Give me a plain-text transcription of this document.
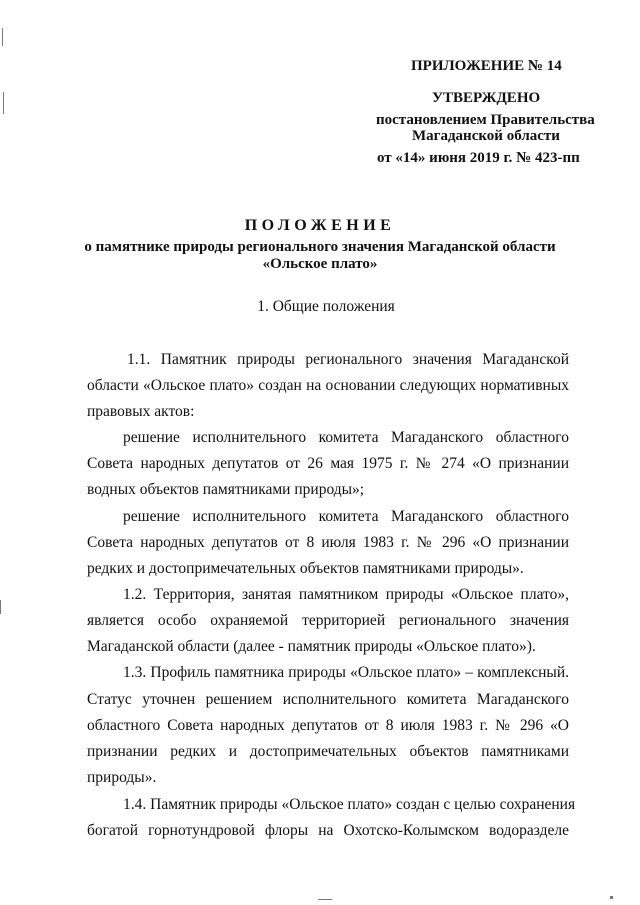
ПРИЛОЖЕНИЕ № 14
УТВЕРЖДЕНО
постановлением Правительства
Магаданской области
от «14» июня 2019 г. № 423-пп
ПОЛОЖЕНИЕ
о памятнике природы регионального значения Магаданской области
«Ольское плато»
1. Общие положения
1.1. Памятник природы регионального значения Магаданской
области «Ольское плато» создан на основании следующих нормативных
правовых актов:
решение исполнительного комитета Магаданского областного
Совета народных депутатов от 26 мая 1975 г. № 274 «О признании
водных объектов памятниками природы»;
решение исполнительного комитета Магаданского областного
Совета народных депутатов от 8 июля 1983 г. № 296 «О признании
редких и достопримечательных объектов памятниками природы».
1.2. Территория, занятая памятником природы «Ольское плато»,
является особо охраняемой территорией регионального значения
Магаданской области (далее - памятник природы «Ольское плато»).
1.3. Профиль памятника природы «Ольское плато» – комплексный.
Статус уточнен решением исполнительного комитета Магаданского
областного Совета народных депутатов от 8 июля 1983 г. № 296 «О
признании редких и достопримечательных объектов памятниками
природы».
1.4. Памятник природы «Ольское плато» создан с целью сохранения
богатой горнотундровой флоры на Охотско-Колымском водоразделе
